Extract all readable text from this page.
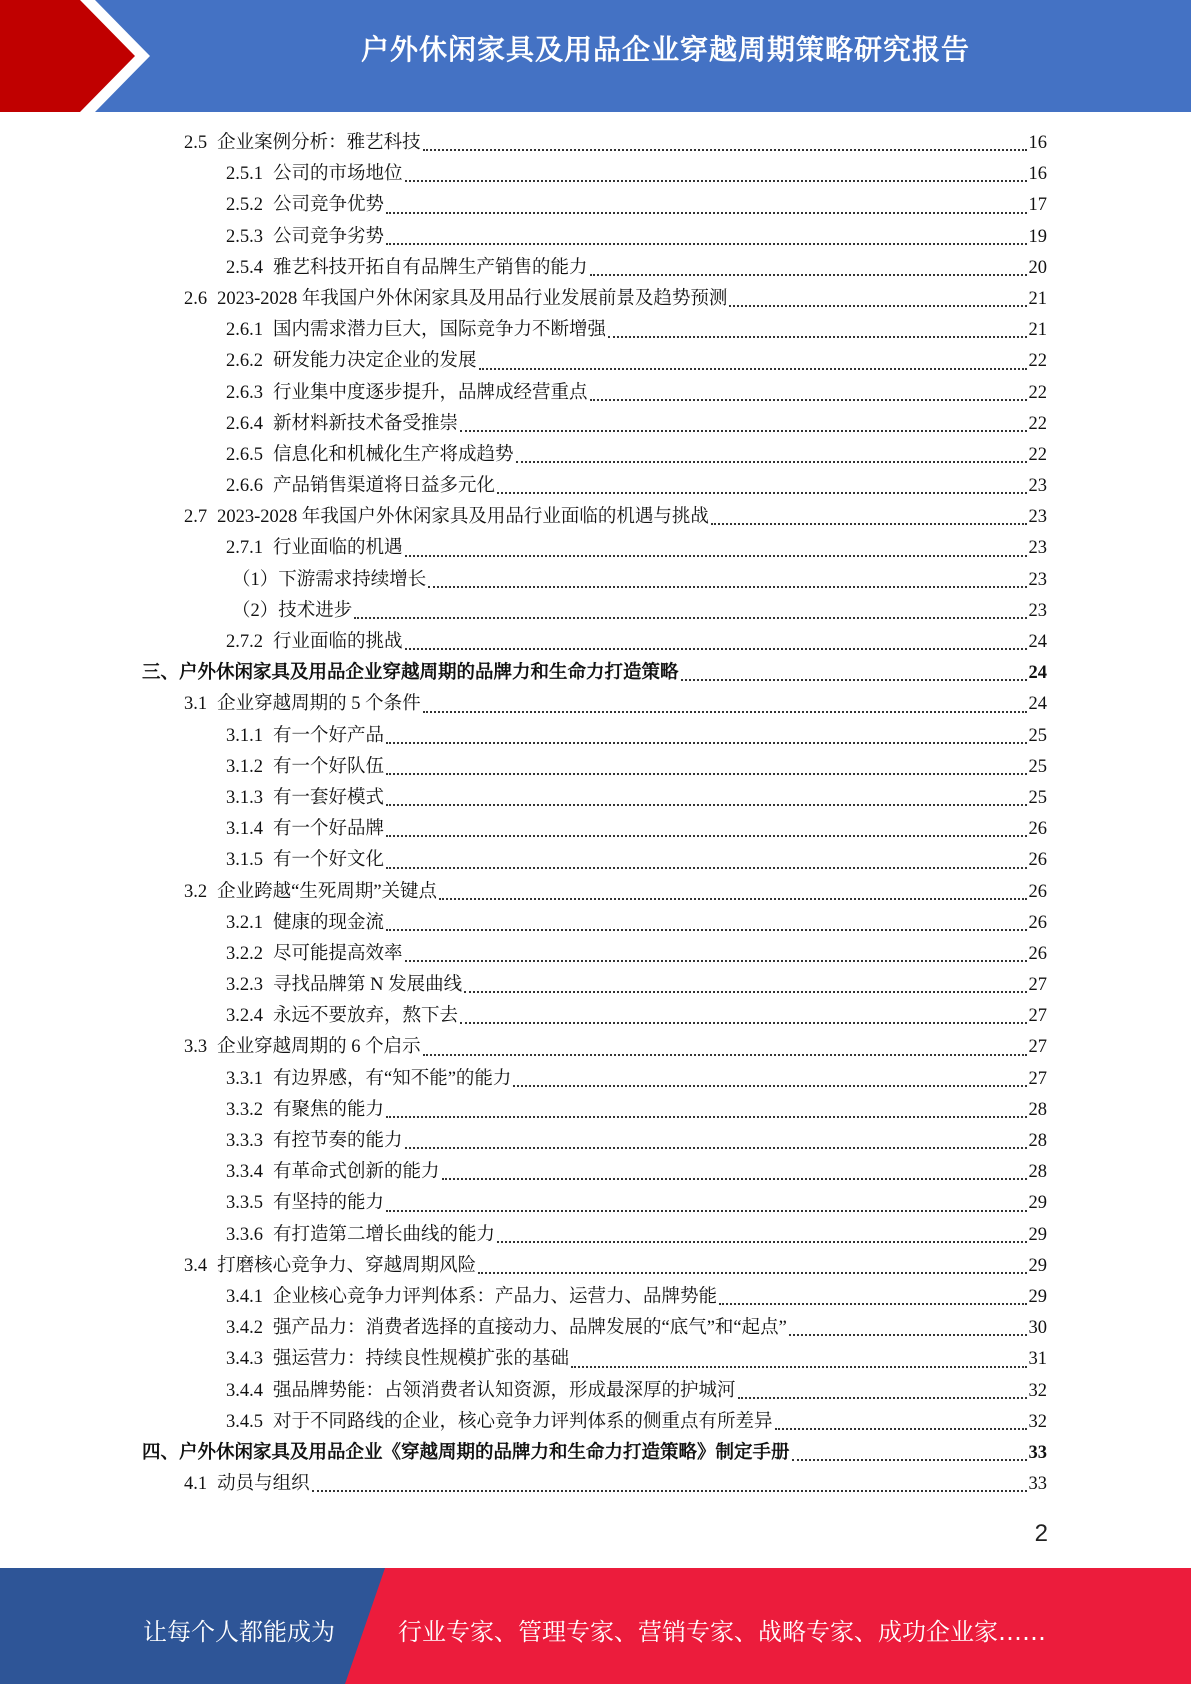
户外休闲家具及用品企业穿越周期策略研究报告
2.5 企业案例分析：雅艺科技	16
2.5.1 公司的市场地位	16
2.5.2 公司竞争优势	17
2.5.3 公司竞争劣势	19
2.5.4 雅艺科技开拓自有品牌生产销售的能力	20
2.6 2023-2028 年我国户外休闲家具及用品行业发展前景及趋势预测	21
2.6.1 国内需求潜力巨大，国际竞争力不断增强	21
2.6.2 研发能力决定企业的发展	22
2.6.3 行业集中度逐步提升，品牌成经营重点	22
2.6.4 新材料新技术备受推崇	22
2.6.5 信息化和机械化生产将成趋势	22
2.6.6 产品销售渠道将日益多元化	23
2.7 2023-2028 年我国户外休闲家具及用品行业面临的机遇与挑战	23
2.7.1 行业面临的机遇	23
（1） 下游需求持续增长	23
（2） 技术进步	23
2.7.2 行业面临的挑战	24
三、 户外休闲家具及用品企业穿越周期的品牌力和生命力打造策略	24
3.1 企业穿越周期的 5 个条件	24
3.1.1 有一个好产品	25
3.1.2 有一个好队伍	25
3.1.3 有一套好模式	25
3.1.4 有一个好品牌	26
3.1.5 有一个好文化	26
3.2 企业跨越“生死周期”关键点	26
3.2.1 健康的现金流	26
3.2.2 尽可能提高效率	26
3.2.3 寻找品牌第 N 发展曲线	27
3.2.4 永远不要放弃，熬下去	27
3.3 企业穿越周期的 6 个启示	27
3.3.1 有边界感，有“知不能”的能力	27
3.3.2 有聚焦的能力	28
3.3.3 有控节奏的能力	28
3.3.4 有革命式创新的能力	28
3.3.5 有坚持的能力	29
3.3.6 有打造第二增长曲线的能力	29
3.4 打磨核心竞争力、穿越周期风险	29
3.4.1 企业核心竞争力评判体系：产品力、运营力、品牌势能	29
3.4.2 强产品力：消费者选择的直接动力、品牌发展的“底气”和“起点”	30
3.4.3 强运营力：持续良性规模扩张的基础	31
3.4.4 强品牌势能：占领消费者认知资源，形成最深厚的护城河	32
3.4.5 对于不同路线的企业，核心竞争力评判体系的侧重点有所差异	32
四、 户外休闲家具及用品企业《穿越周期的品牌力和生命力打造策略》制定手册	33
4.1 动员与组织	33
2
让每个人都能成为	行业专家、管理专家、营销专家、战略专家、成功企业家……
